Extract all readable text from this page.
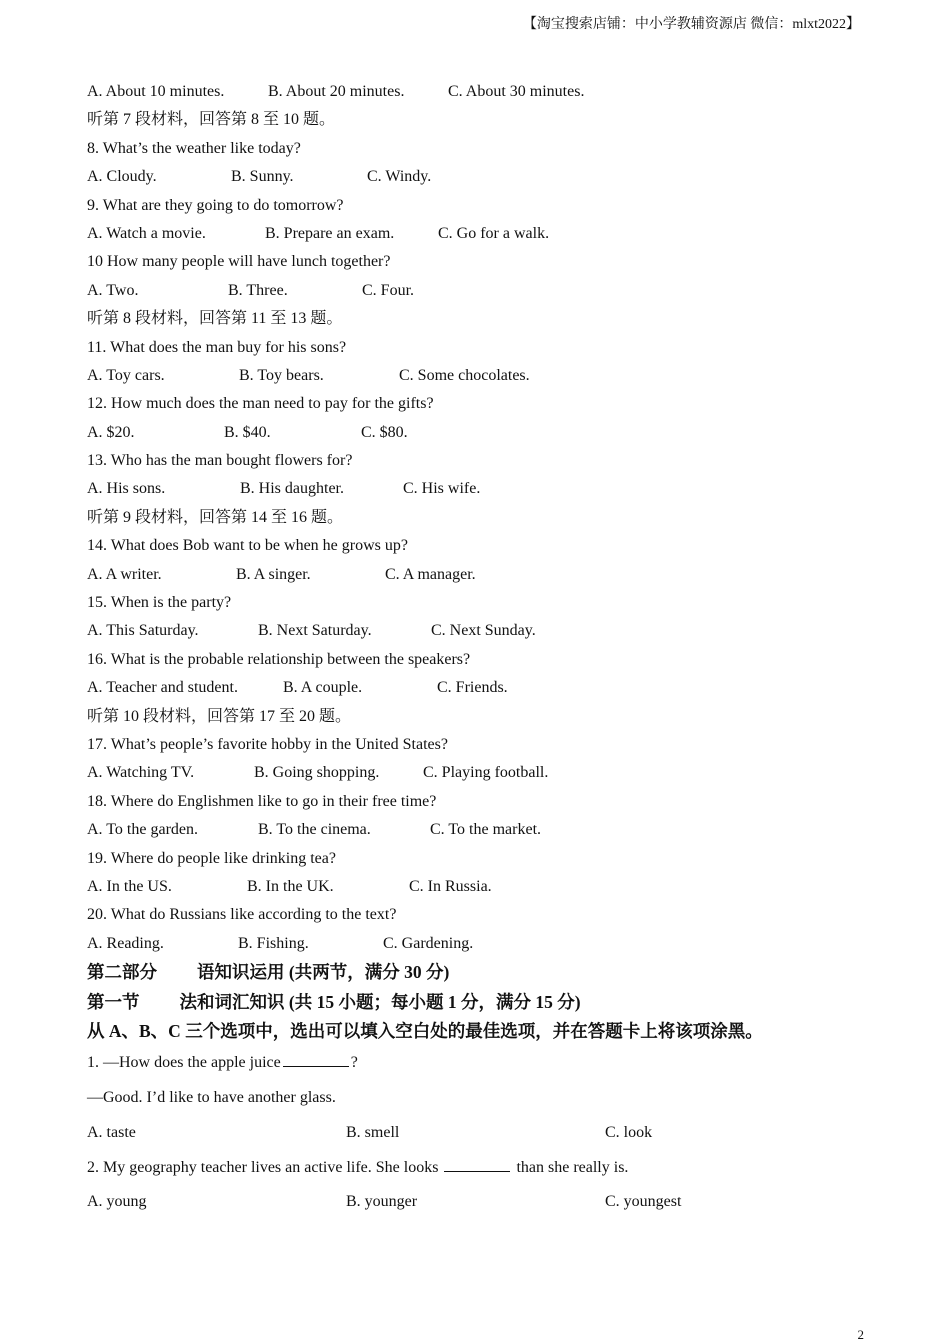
【淘宝搜索店铺：中小学教辅资源店 微信：mlxt2022】
A. About 10 minutes.	B. About 20 minutes.	C. About 30 minutes.
听第 7 段材料，回答第 8 至 10 题。
8. What’s the weather like today?
A. Cloudy.	B. Sunny.	C. Windy.
9. What are they going to do tomorrow?
A. Watch a movie.	B. Prepare an exam.	C. Go for a walk.
10 How many people will have lunch together?
A. Two.	B. Three.	C. Four.
听第 8 段材料，回答第 11 至 13 题。
11. What does the man buy for his sons?
A. Toy cars.	B. Toy bears.	C. Some chocolates.
12. How much does the man need to pay for the gifts?
A. $20.	B. $40.	C. $80.
13. Who has the man bought flowers for?
A. His sons.	B. His daughter.	C. His wife.
听第 9 段材料，回答第 14 至 16 题。
14. What does Bob want to be when he grows up?
A. A writer.	B. A singer.	C. A manager.
15. When is the party?
A. This Saturday.	B. Next Saturday.	C. Next Sunday.
16. What is the probable relationship between the speakers?
A. Teacher and student.	B. A couple.	C. Friends.
听第 10 段材料，回答第 17 至 20 题。
17. What’s people’s favorite hobby in the United States?
A. Watching TV.	B. Going shopping.	C. Playing football.
18. Where do Englishmen like to go in their free time?
A. To the garden.	B. To the cinema.	C. To the market.
19. Where do people like drinking tea?
A. In the US.	B. In the UK.	C. In Russia.
20. What do Russians like according to the text?
A. Reading.	B. Fishing.	C. Gardening.
第二部分 语知识运用 (共两节，满分 30 分)
第一节 法和词汇知识 (共 15 小题；每小题 1 分，满分 15 分)
从 A、B、C 三个选项中，选出可以填入空白处的最佳选项，并在答题卡上将该项涂黑。
1. —How does the apple juice	?
—Good. I’d like to have another glass.
A. taste	B. smell	C. look
2. My geography teacher lives an active life. She looks	than she really is.
A. young	B. younger	C. youngest
2
